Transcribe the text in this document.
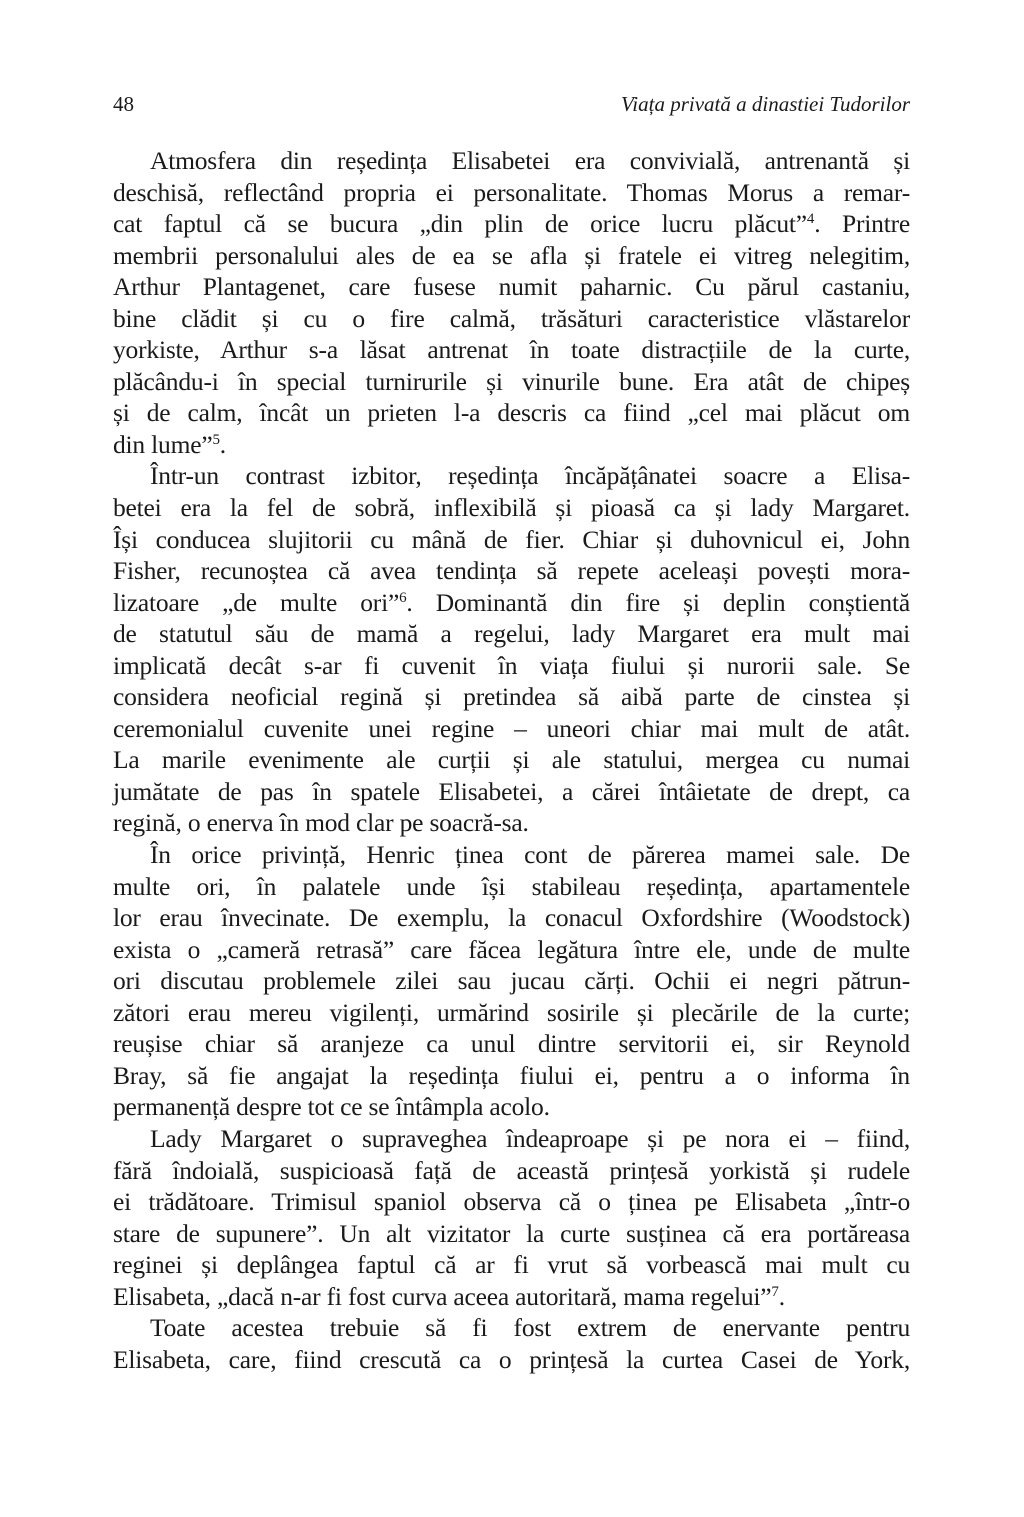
48	Viața privată a dinastiei Tudorilor
Atmosfera din reședința Elisabetei era convivială, antrenantă și
deschisă, reflectând propria ei personalitate. Thomas Morus a remar-
cat faptul că se bucura „din plin de orice lucru plăcut”$^4$. Printre
membrii personalului ales de ea se afla și fratele ei vitreg nelegitim,
Arthur Plantagenet, care fusese numit paharnic. Cu părul castaniu,
bine clădit și cu o fire calmă, trăsături caracteristice vlăstarelor
yorkiste, Arthur s-a lăsat antrenat în toate distracțiile de la curte,
plăcându-i în special turnirurile și vinurile bune. Era atât de chipeș
și de calm, încât un prieten l-a descris ca fiind „cel mai plăcut om
din lume”$^5$.
Într-un contrast izbitor, reședința încăpățânatei soacre a Elisa-
betei era la fel de sobră, inflexibilă și pioasă ca și lady Margaret.
Își conducea slujitorii cu mână de fier. Chiar și duhovnicul ei, John
Fisher, recunoștea că avea tendința să repete aceleași povești mora-
lizatoare „de multe ori”$^6$. Dominantă din fire și deplin conștientă
de statutul său de mamă a regelui, lady Margaret era mult mai
implicată decât s-ar fi cuvenit în viața fiului și nurorii sale. Se
considera neoficial regină și pretindea să aibă parte de cinstea și
ceremonialul cuvenite unei regine – uneori chiar mai mult de atât.
La marile evenimente ale curții și ale statului, mergea cu numai
jumătate de pas în spatele Elisabetei, a cărei întâietate de drept, ca
regină, o enerva în mod clar pe soacră-sa.
În orice privință, Henric ținea cont de părerea mamei sale. De
multe ori, în palatele unde își stabileau reședința, apartamentele
lor erau învecinate. De exemplu, la conacul Oxfordshire (Woodstock)
exista o „cameră retrasă” care făcea legătura între ele, unde de multe
ori discutau problemele zilei sau jucau cărți. Ochii ei negri pătrun-
zători erau mereu vigilenți, urmărind sosirile și plecările de la curte;
reușise chiar să aranjeze ca unul dintre servitorii ei, sir Reynold
Bray, să fie angajat la reședința fiului ei, pentru a o informa în
permanență despre tot ce se întâmpla acolo.
Lady Margaret o supraveghea îndeaproape și pe nora ei – fiind,
fără îndoială, suspicioasă față de această prințesă yorkistă și rudele
ei trădătoare. Trimisul spaniol observa că o ținea pe Elisabeta „într-o
stare de supunere”. Un alt vizitator la curte susținea că era portăreasa
reginei și deplângea faptul că ar fi vrut să vorbească mai mult cu
Elisabeta, „dacă n-ar fi fost curva aceea autoritară, mama regelui”$^7$.
Toate acestea trebuie să fi fost extrem de enervante pentru
Elisabeta, care, fiind crescută ca o prințesă la curtea Casei de York,
